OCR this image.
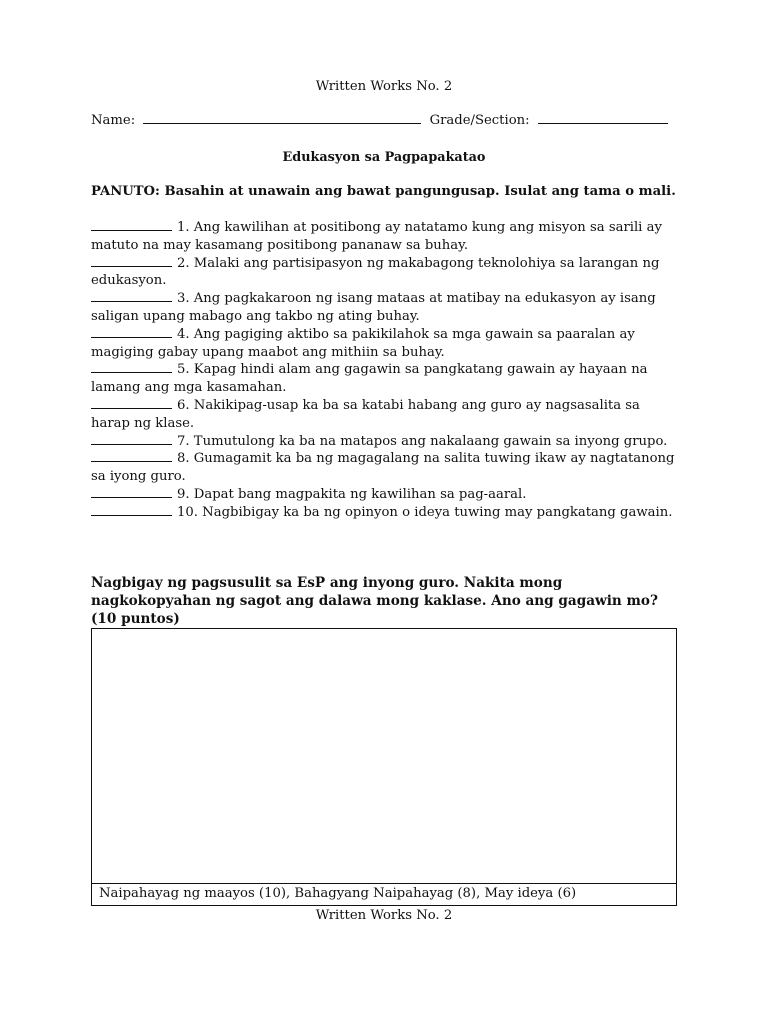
Written Works No. 2
Name:	Grade/Section:
Edukasyon sa Pagpapakatao
PANUTO: Basahin at unawain ang bawat pangungusap. Isulat ang tama o mali.

1. Ang kawilihan at positibong ay natatamo kung ang misyon sa sarili ay matuto na may kasamang positibong pananaw sa buhay.

2. Malaki ang partisipasyon ng makabagong teknolohiya sa larangan ng edukasyon.

3. Ang pagkakaroon ng isang mataas at matibay na edukasyon ay isang saligan upang mabago ang takbo ng ating buhay.

4. Ang pagiging aktibo sa pakikilahok sa mga gawain sa paaralan ay magiging gabay upang maabot ang mithiin sa buhay.

5. Kapag hindi alam ang gagawin sa pangkatang gawain ay hayaan na lamang ang mga kasamahan.

6. Nakikipag-usap ka ba sa katabi habang ang guro ay nagsasalita sa harap ng klase.

7. Tumutulong ka ba na matapos ang nakalaang gawain sa inyong grupo.

8. Gumagamit ka ba ng magagalang na salita tuwing ikaw ay nagtatanong sa iyong guro.

9. Dapat bang magpakita ng kawilihan sa pag-aaral.

10. Nagbibigay ka ba ng opinyon o ideya tuwing may pangkatang gawain.

Nagbigay ng pagsusulit sa EsP ang inyong guro. Nakita mong nagkokopyahan ng sagot ang dalawa mong kaklase. Ano ang gagawin mo? (10 puntos)
Naipahayag ng maayos (10), Bahagyang Naipahayag (8), May ideya (6)
Written Works No. 2
